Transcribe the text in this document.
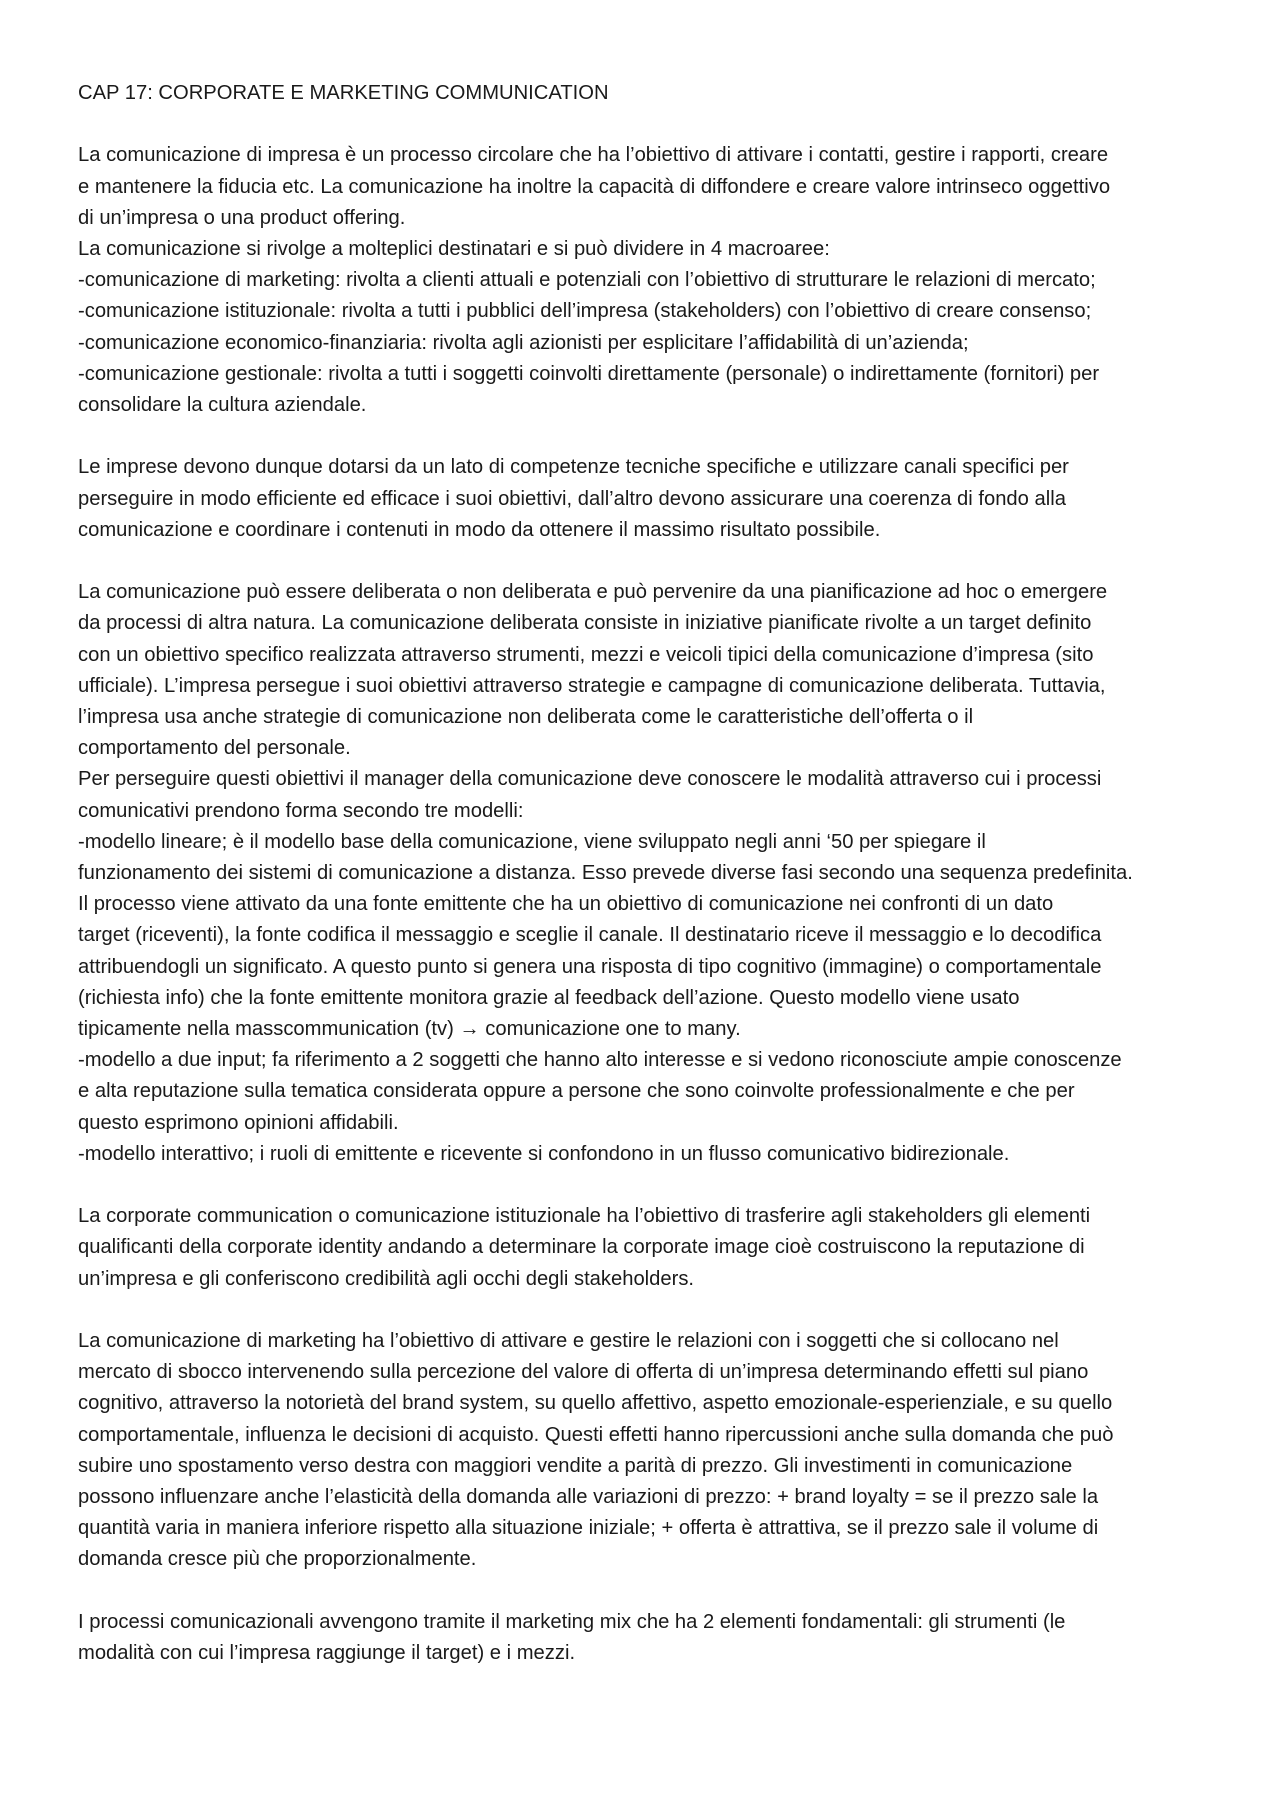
CAP 17: CORPORATE E MARKETING COMMUNICATION

La comunicazione di impresa è un processo circolare che ha l’obiettivo di attivare i contatti, gestire i rapporti, creare

e mantenere la fiducia etc. La comunicazione ha inoltre la capacità di diffondere e creare valore intrinseco oggettivo

di un’impresa o una product offering.

La comunicazione si rivolge a molteplici destinatari e si può dividere in 4 macroaree:

-comunicazione di marketing: rivolta a clienti attuali e potenziali con l’obiettivo di strutturare le relazioni di mercato;

-comunicazione istituzionale: rivolta a tutti i pubblici dell’impresa (stakeholders) con l’obiettivo di creare consenso;

-comunicazione economico-finanziaria: rivolta agli azionisti per esplicitare l’affidabilità di un’azienda;

-comunicazione gestionale: rivolta a tutti i soggetti coinvolti direttamente (personale) o indirettamente (fornitori) per

consolidare la cultura aziendale.

Le imprese devono dunque dotarsi da un lato di competenze tecniche specifiche e utilizzare canali specifici per

perseguire in modo efficiente ed efficace i suoi obiettivi, dall’altro devono assicurare una coerenza di fondo alla

comunicazione e coordinare i contenuti in modo da ottenere il massimo risultato possibile.

La comunicazione può essere deliberata o non deliberata e può pervenire da una pianificazione ad hoc o emergere

da processi di altra natura. La comunicazione deliberata consiste in iniziative pianificate rivolte a un target definito

con un obiettivo specifico realizzata attraverso strumenti, mezzi e veicoli tipici della comunicazione d’impresa (sito

ufficiale). L’impresa persegue i suoi obiettivi attraverso strategie e campagne di comunicazione deliberata. Tuttavia,

l’impresa usa anche strategie di comunicazione non deliberata come le caratteristiche dell’offerta o il

comportamento del personale.

Per perseguire questi obiettivi il manager della comunicazione deve conoscere le modalità attraverso cui i processi

comunicativi prendono forma secondo tre modelli:

-modello lineare; è il modello base della comunicazione, viene sviluppato negli anni ‘50 per spiegare il

funzionamento dei sistemi di comunicazione a distanza. Esso prevede diverse fasi secondo una sequenza predefinita.

Il processo viene attivato da una fonte emittente che ha un obiettivo di comunicazione nei confronti di un dato

target (riceventi), la fonte codifica il messaggio e sceglie il canale. Il destinatario riceve il messaggio e lo decodifica

attribuendogli un significato. A questo punto si genera una risposta di tipo cognitivo (immagine) o comportamentale

(richiesta info) che la fonte emittente monitora grazie al feedback dell’azione. Questo modello viene usato

tipicamente nella masscommunication (tv) → comunicazione one to many.

-modello a due input; fa riferimento a 2 soggetti che hanno alto interesse e si vedono riconosciute ampie conoscenze

e alta reputazione sulla tematica considerata oppure a persone che sono coinvolte professionalmente e che per

questo esprimono opinioni affidabili.

-modello interattivo; i ruoli di emittente e ricevente si confondono in un flusso comunicativo bidirezionale.

La corporate communication o comunicazione istituzionale ha l’obiettivo di trasferire agli stakeholders gli elementi

qualificanti della corporate identity andando a determinare la corporate image cioè costruiscono la reputazione di

un’impresa e gli conferiscono credibilità agli occhi degli stakeholders.

La comunicazione di marketing ha l’obiettivo di attivare e gestire le relazioni con i soggetti che si collocano nel

mercato di sbocco intervenendo sulla percezione del valore di offerta di un’impresa determinando effetti sul piano

cognitivo, attraverso la notorietà del brand system, su quello affettivo, aspetto emozionale-esperienziale, e su quello

comportamentale, influenza le decisioni di acquisto. Questi effetti hanno ripercussioni anche sulla domanda che può

subire uno spostamento verso destra con maggiori vendite a parità di prezzo. Gli investimenti in comunicazione

possono influenzare anche l’elasticità della domanda alle variazioni di prezzo: + brand loyalty = se il prezzo sale la

quantità varia in maniera inferiore rispetto alla situazione iniziale; + offerta è attrattiva, se il prezzo sale il volume di

domanda cresce più che proporzionalmente.

I processi comunicazionali avvengono tramite il marketing mix che ha 2 elementi fondamentali: gli strumenti (le

modalità con cui l’impresa raggiunge il target) e i mezzi.
